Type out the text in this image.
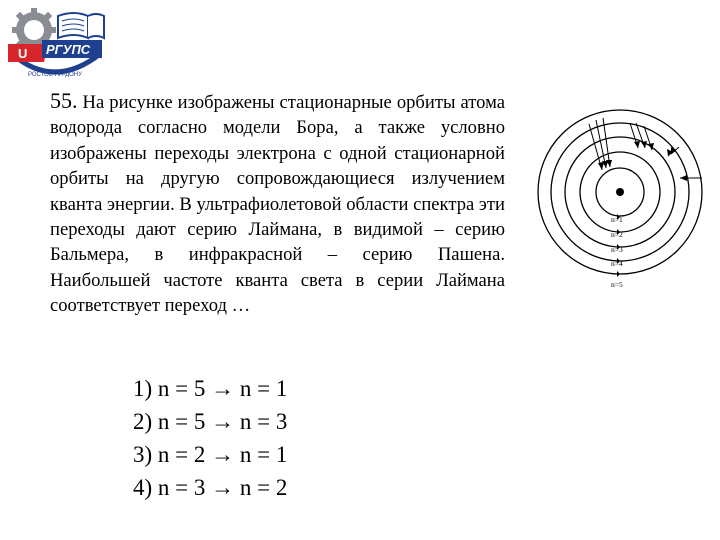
U РГУПС
РОСТОВ-НА-ДОНУ

55. На рисунке изображены стационарные орбиты атома водорода согласно модели Бора, а также условно изображены переходы электрона с одной стационарной орбиты на другую сопровождающиеся излучением кванта энергии. В ультрафиолетовой области спектра эти переходы дают серию Лаймана, в видимой – серию Бальмера, в инфракрасной – серию Пашена. Наибольшей частоте кванта света в серии Лаймана соответствует переход …

n=1
n=2
n=3
n=4
n=5
1) n = 5 → n = 1
2) n = 5 → n = 3
3) n = 2 → n = 1
4) n = 3 → n = 2
